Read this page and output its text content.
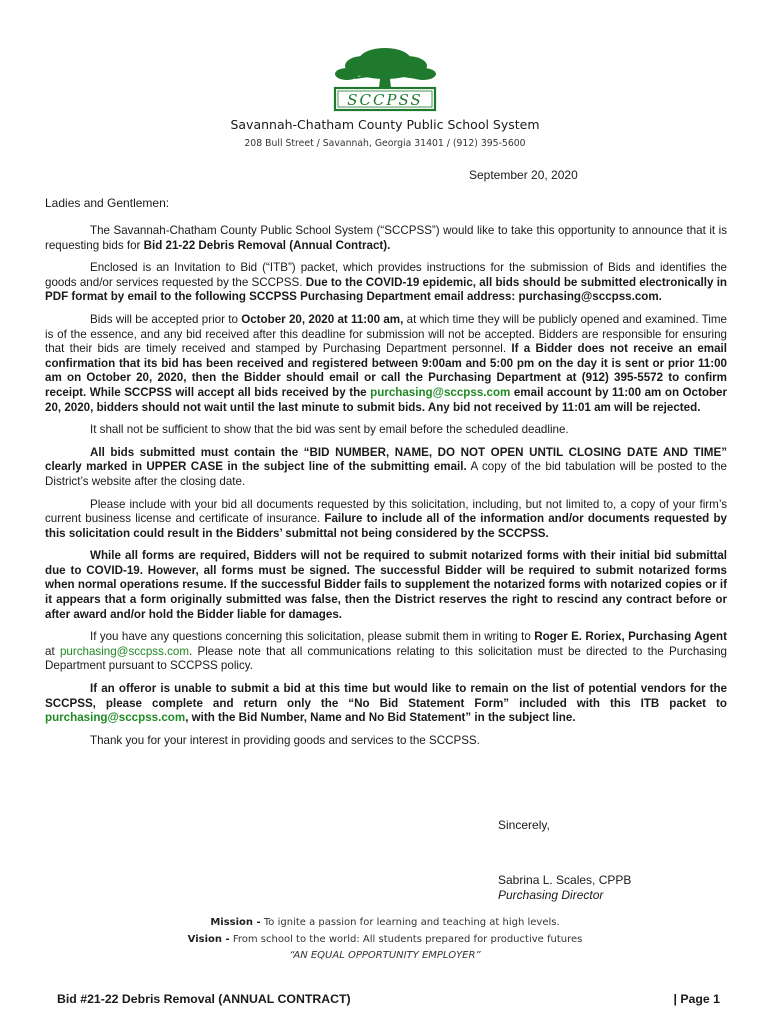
SCCPSS
Savannah-Chatham County Public School System
208 Bull Street / Savannah, Georgia 31401 / (912) 395-5600
September 20, 2020
Ladies and Gentlemen:

The Savannah-Chatham County Public School System (“SCCPSS”) would like to take this opportunity to announce that it is requesting bids for Bid 21-22 Debris Removal (Annual Contract).

Enclosed is an Invitation to Bid (“ITB”) packet, which provides instructions for the submission of Bids and identifies the goods and/or services requested by the SCCPSS. Due to the COVID-19 epidemic, all bids should be submitted electronically in PDF format by email to the following SCCPSS Purchasing Department email address: purchasing@sccpss.com.

Bids will be accepted prior to October 20, 2020 at 11:00 am, at which time they will be publicly opened and examined. Time is of the essence, and any bid received after this deadline for submission will not be accepted. Bidders are responsible for ensuring that their bids are timely received and stamped by Purchasing Department personnel. If a Bidder does not receive an email confirmation that its bid has been received and registered between 9:00am and 5:00 pm on the day it is sent or prior 11:00 am on October 20, 2020, then the Bidder should email or call the Purchasing Department at (912) 395-5572 to confirm receipt. While SCCPSS will accept all bids received by the purchasing@sccpss.com email account by 11:00 am on October 20, 2020, bidders should not wait until the last minute to submit bids. Any bid not received by 11:01 am will be rejected.

It shall not be sufficient to show that the bid was sent by email before the scheduled deadline.

All bids submitted must contain the “BID NUMBER, NAME, DO NOT OPEN UNTIL CLOSING DATE AND TIME” clearly marked in UPPER CASE in the subject line of the submitting email. A copy of the bid tabulation will be posted to the District’s website after the closing date.

Please include with your bid all documents requested by this solicitation, including, but not limited to, a copy of your firm’s current business license and certificate of insurance. Failure to include all of the information and/or documents requested by this solicitation could result in the Bidders’ submittal not being considered by the SCCPSS.

While all forms are required, Bidders will not be required to submit notarized forms with their initial bid submittal due to COVID-19. However, all forms must be signed. The successful Bidder will be required to submit notarized forms when normal operations resume. If the successful Bidder fails to supplement the notarized forms with notarized copies or if it appears that a form originally submitted was false, then the District reserves the right to rescind any contract before or after award and/or hold the Bidder liable for damages.

If you have any questions concerning this solicitation, please submit them in writing to Roger E. Roriex, Purchasing Agent at purchasing@sccpss.com. Please note that all communications relating to this solicitation must be directed to the Purchasing Department pursuant to SCCPSS policy.

If an offeror is unable to submit a bid at this time but would like to remain on the list of potential vendors for the SCCPSS, please complete and return only the “No Bid Statement Form” included with this ITB packet to purchasing@sccpss.com, with the Bid Number, Name and No Bid Statement” in the subject line.

Thank you for your interest in providing goods and services to the SCCPSS.

Sincerely,
Sabrina L. Scales, CPPB
Purchasing Director
Mission - To ignite a passion for learning and teaching at high levels.
Vision - From school to the world: All students prepared for productive futures
“AN EQUAL OPPORTUNITY EMPLOYER”
Bid #21-22 Debris Removal (ANNUAL CONTRACT)	| Page 1
